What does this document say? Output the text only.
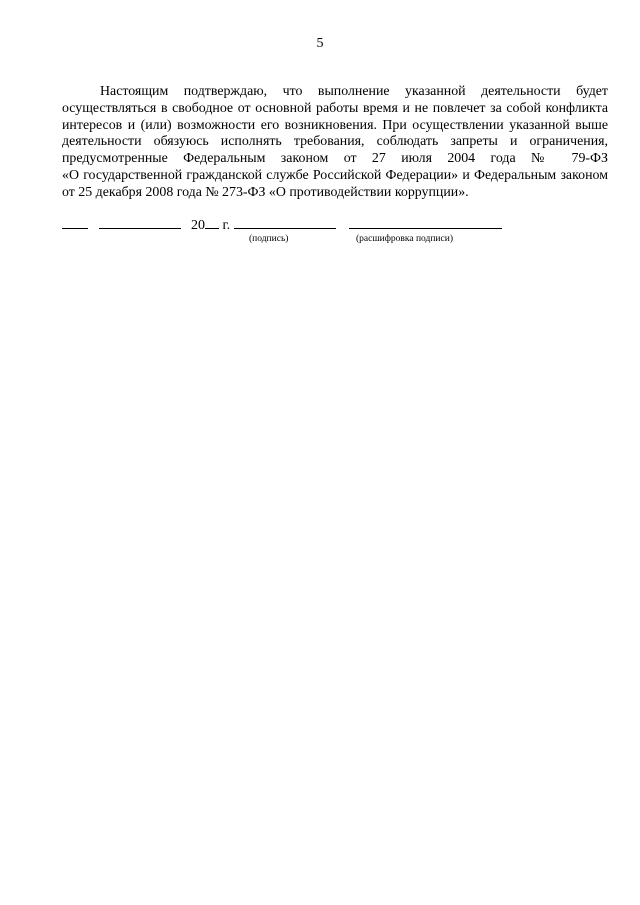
5
Настоящим подтверждаю, что выполнение указанной деятельности будет
осуществляться в свободное от основной работы время и не повлечет за собой конфликта
интересов и (или) возможности его возникновения. При осуществлении указанной выше
деятельности обязуюсь исполнять требования, соблюдать запреты и ограничения,
предусмотренные Федеральным законом от 27 июля 2004 года № 79-ФЗ
«О государственной гражданской службе Российской Федерации» и Федеральным законом
от 25 декабря 2008 года № 273-ФЗ «О противодействии коррупции».
20 г.
(подпись)	(расшифровка подписи)
